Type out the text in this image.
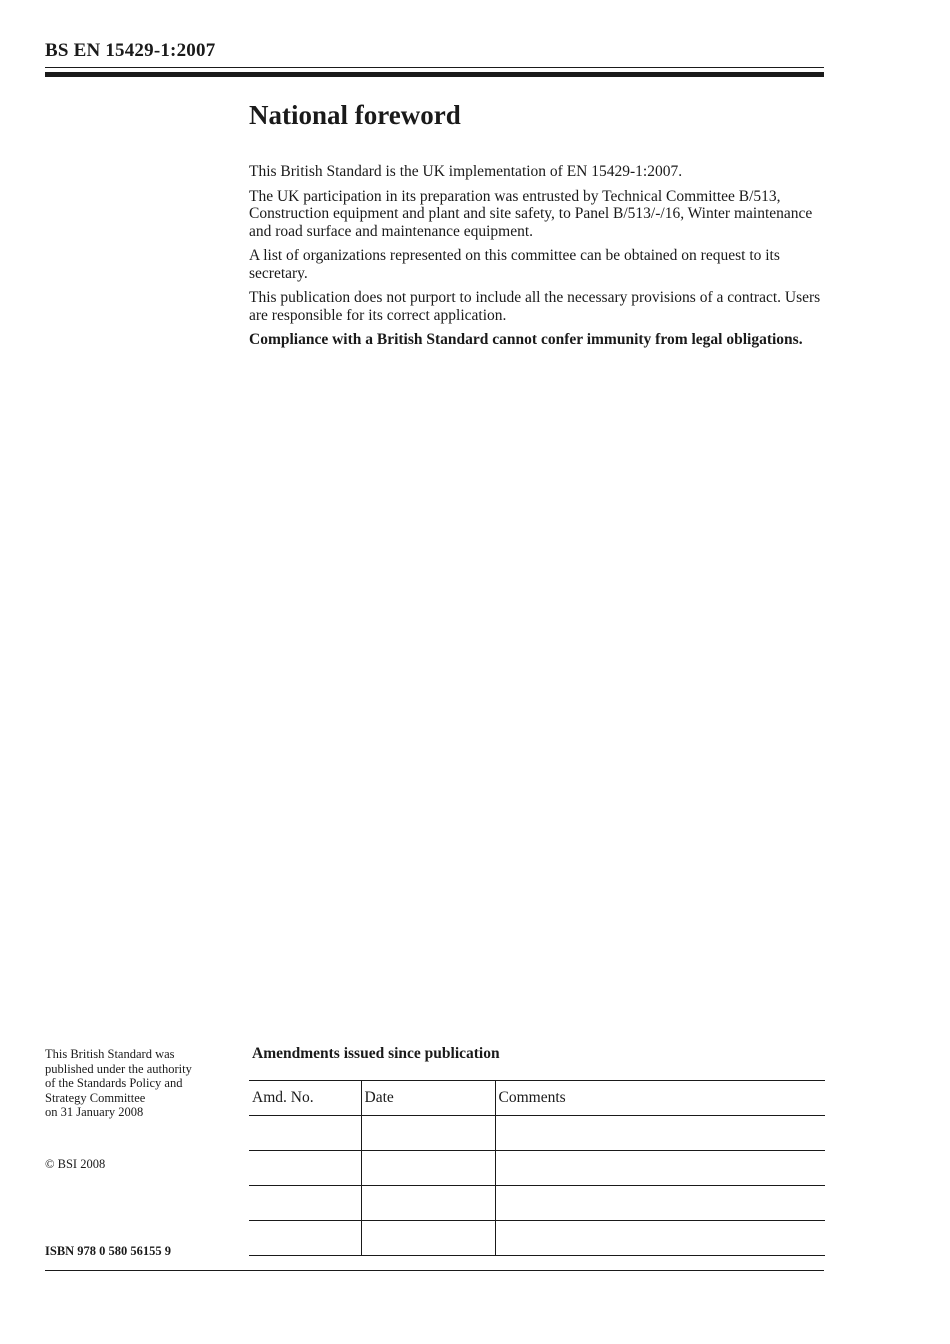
BS EN 15429-1:2007
National foreword

This British Standard is the UK implementation of EN 15429-1:2007.

The UK participation in its preparation was entrusted by Technical Committee B/513, Construction equipment and plant and site safety, to Panel B/513/-/16, Winter maintenance and road surface and maintenance equipment.

A list of organizations represented on this committee can be obtained on request to its secretary.

This publication does not purport to include all the necessary provisions of a contract. Users are responsible for its correct application.

Compliance with a British Standard cannot confer immunity from legal obligations.

This British Standard was
published under the authority
of the Standards Policy and
Strategy Committee
on 31 January 2008
© BSI 2008
ISBN 978 0 580 56155 9
Amendments issued since publication
Amd. No.	Date	Comments
